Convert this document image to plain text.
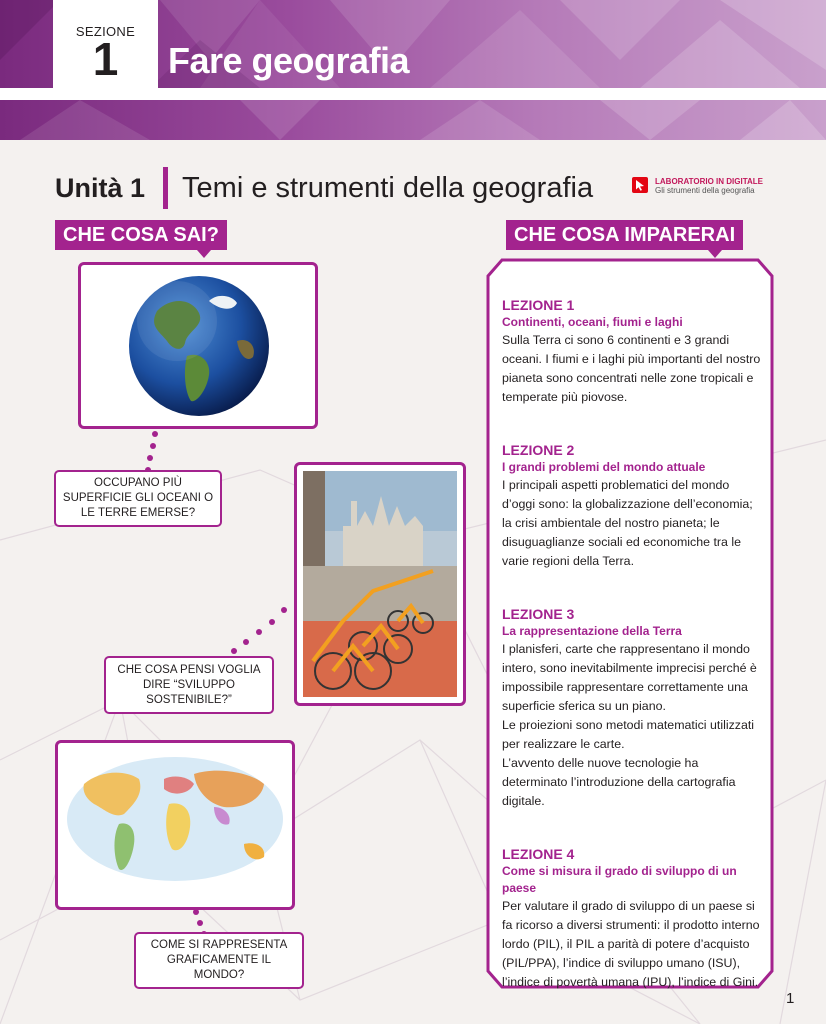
SEZIONE
1	Fare geografia
Unità 1 Temi e strumenti della geografia	LABORATORIO IN DIGITALE
Gli strumenti della geografia
CHE COSA SAI?	CHE COSA IMPARERAI
OCCUPANO PIÙ SUPERFICIE GLI OCEANI O LE TERRE EMERSE?
CHE COSA PENSI VOGLIA DIRE “SVILUPPO SOSTENIBILE?”
COME SI RAPPRESENTA GRAFICAMENTE IL MONDO?
LEZIONE 1
Continenti, oceani, fiumi e laghi
Sulla Terra ci sono 6 continenti e 3 grandi oceani. I fiumi e i laghi più importanti del nostro pianeta sono concentrati nelle zone tropicali e temperate più piovose.
LEZIONE 2
I grandi problemi del mondo attuale
I principali aspetti problematici del mondo d’oggi sono: la globalizzazione dell’economia; la crisi ambientale del nostro pianeta; le disuguaglianze sociali ed economiche tra le varie regioni della Terra.
LEZIONE 3
La rappresentazione della Terra
I planisferi, carte che rappresentano il mondo intero, sono inevitabilmente imprecisi perché è impossibile rappresentare correttamente una superficie sferica su un piano.
Le proiezioni sono metodi matematici utilizzati per realizzare le carte.
L’avvento delle nuove tecnologie ha determinato l’introduzione della cartografia digitale.
LEZIONE 4
Come si misura il grado di sviluppo di un paese
Per valutare il grado di sviluppo di un paese si fa ricorso a diversi strumenti: il prodotto interno lordo (PIL), il PIL a parità di potere d’acquisto (PIL/PPA), l’indice di sviluppo umano (ISU), l’indice di povertà umana (IPU), l’indice di Gini.
1
